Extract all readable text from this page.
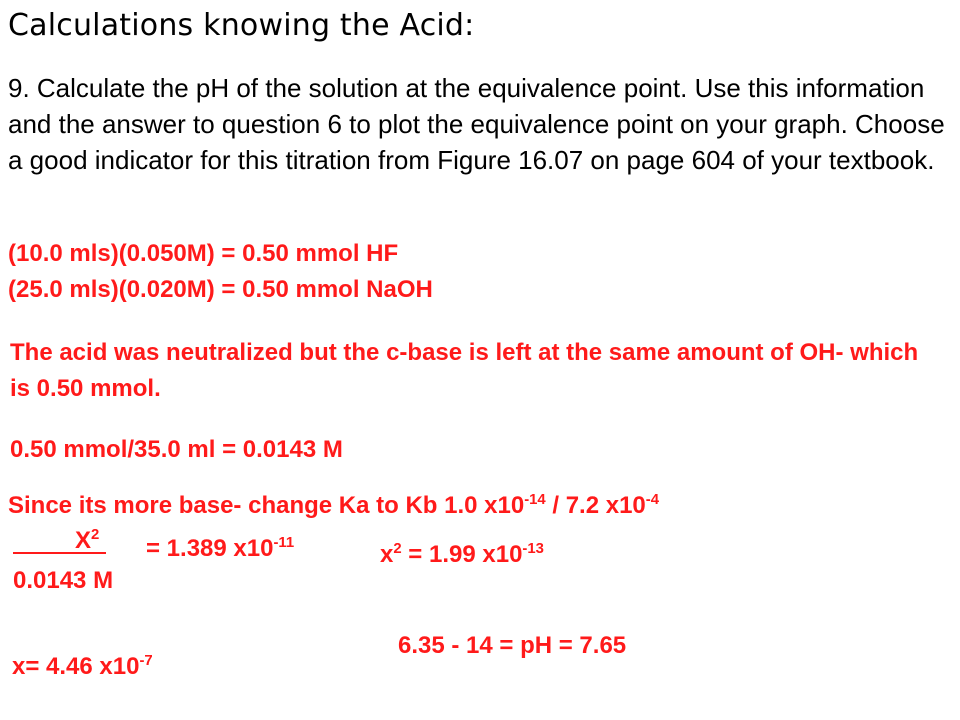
Calculations knowing the Acid:
9. Calculate the pH of the solution at the equivalence point. Use this information and the answer to question 6 to plot the equivalence point on your graph. Choose a good indicator for this titration from Figure 16.07 on page 604 of your textbook.
(10.0 mls)(0.050M) = 0.50 mmol HF
(25.0 mls)(0.020M) = 0.50 mmol NaOH
The acid was neutralized but the c-base is left at the same amount of OH- which is 0.50 mmol.
0.50 mmol/35.0 ml = 0.0143 M
Since its more base- change Ka to Kb 1.0 $x10^{-14} / 7.2$ $x10^{-4}$
$X^2$
0.0143 M
= 1.389 $x10^{-11}$	$x^2 = 1.99$ $x10^{-13}$
6.35 - 14 = pH = 7.65
x= 4.46 $x10^{-7}$
